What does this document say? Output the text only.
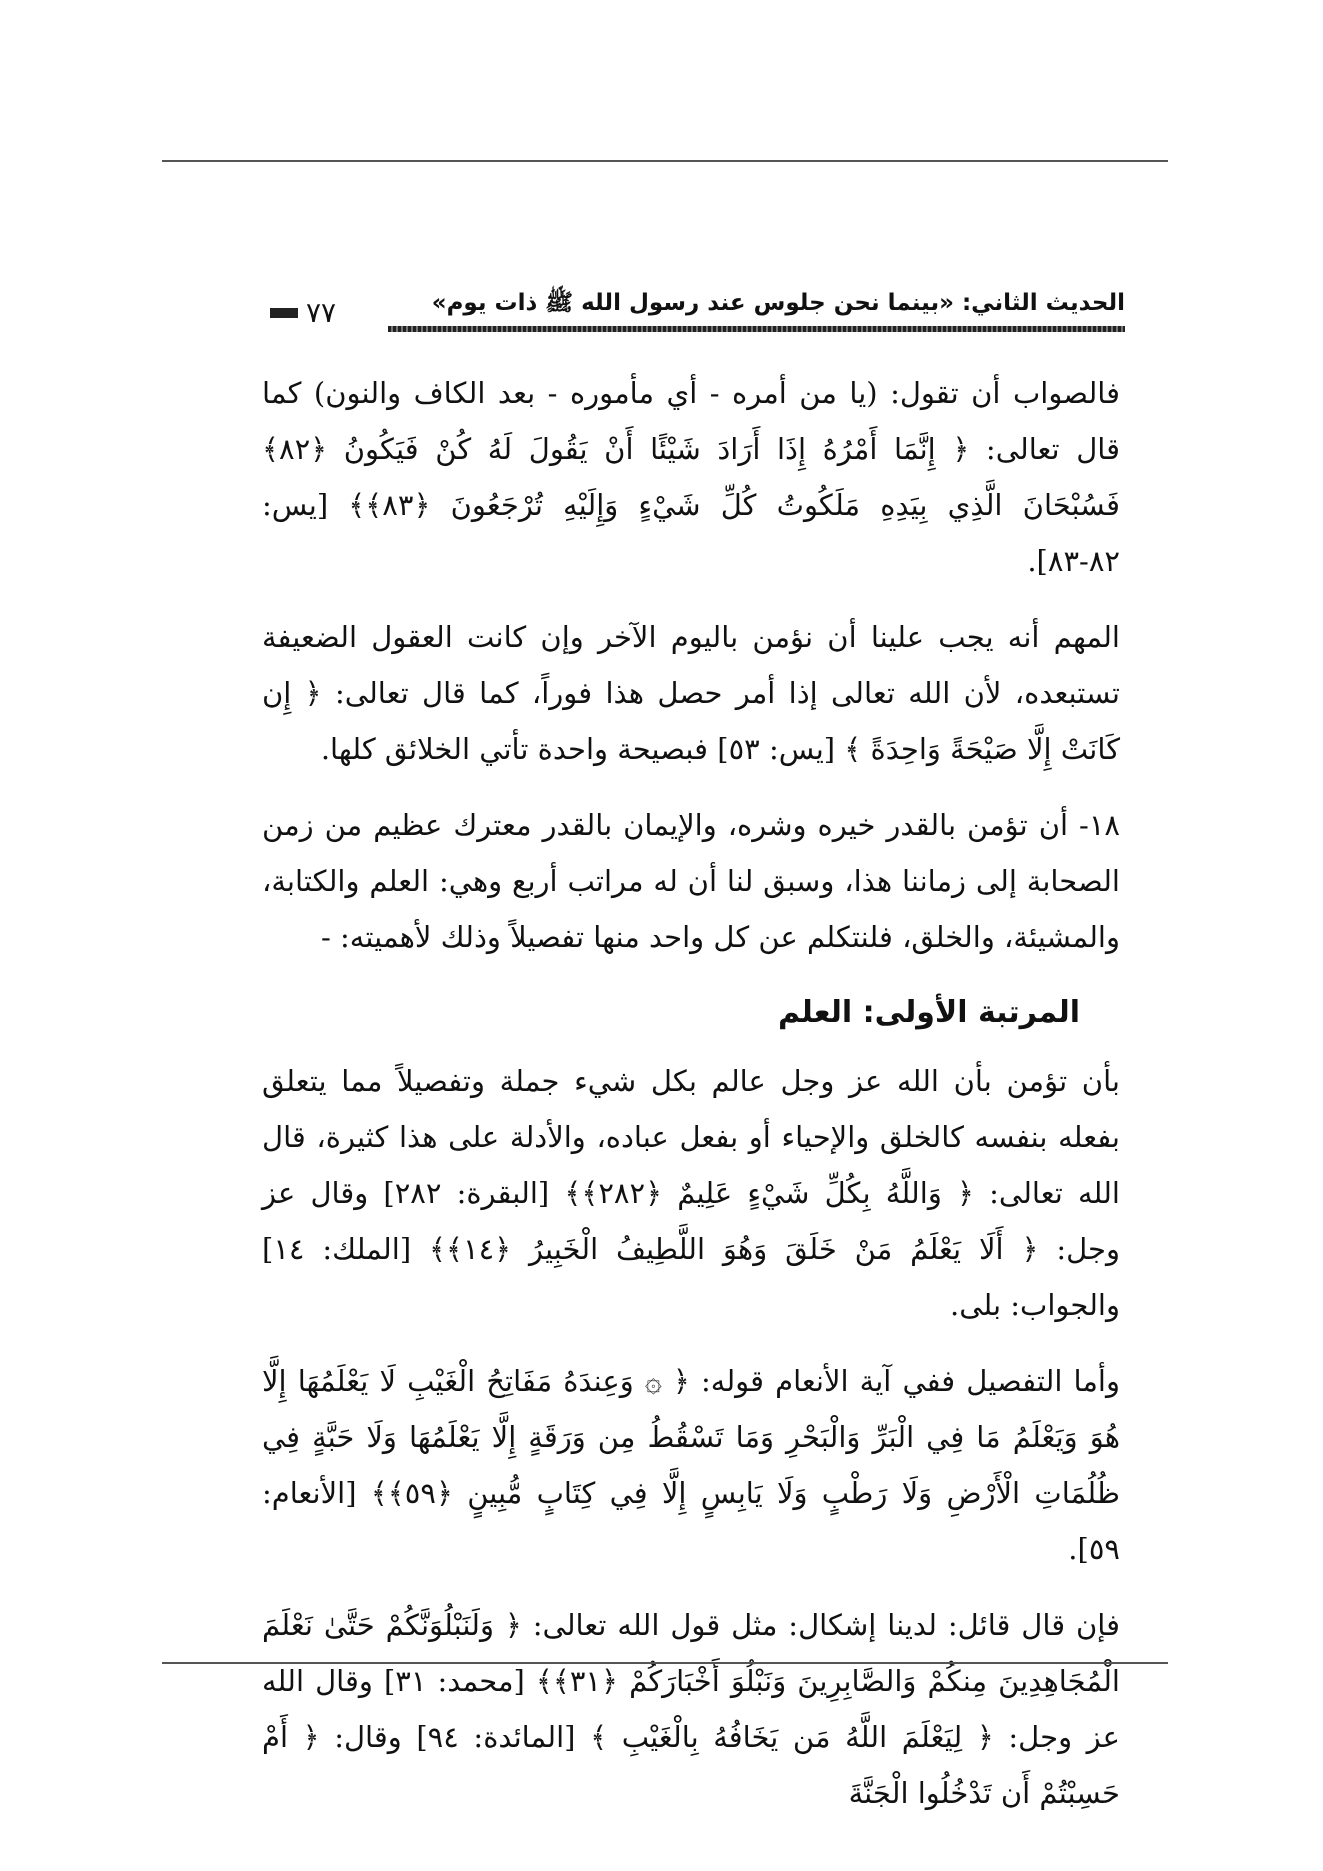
٧٧	الحديث الثاني: «بينما نحن جلوس عند رسول الله ﷺ ذات يوم»

فالصواب أن تقول: (يا من أمره - أي مأموره - بعد الكاف والنون) كما قال تعالى: ﴿ إِنَّمَا أَمْرُهُ إِذَا أَرَادَ شَيْئًا أَنْ يَقُولَ لَهُ كُنْ فَيَكُونُ ﴿٨٢﴾ فَسُبْحَانَ الَّذِي بِيَدِهِ مَلَكُوتُ كُلِّ شَيْءٍ وَإِلَيْهِ تُرْجَعُونَ ﴿٨٣﴾﴾ [يس: ٨٢-٨٣].

المهم أنه يجب علينا أن نؤمن باليوم الآخر وإن كانت العقول الضعيفة تستبعده، لأن الله تعالى إذا أمر حصل هذا فوراً، كما قال تعالى: ﴿ إِن كَانَتْ إِلَّا صَيْحَةً وَاحِدَةً ﴾ [يس: ٥٣] فبصيحة واحدة تأتي الخلائق كلها.

١٨- أن تؤمن بالقدر خيره وشره، والإيمان بالقدر معترك عظيم من زمن الصحابة إلى زماننا هذا، وسبق لنا أن له مراتب أربع وهي: العلم والكتابة، والمشيئة، والخلق، فلنتكلم عن كل واحد منها تفصيلاً وذلك لأهميته: -

المرتبة الأولى: العلم

بأن تؤمن بأن الله عز وجل عالم بكل شيء جملة وتفصيلاً مما يتعلق بفعله بنفسه كالخلق والإحياء أو بفعل عباده، والأدلة على هذا كثيرة، قال الله تعالى: ﴿ وَاللَّهُ بِكُلِّ شَيْءٍ عَلِيمٌ ﴿٢٨٢﴾﴾ [البقرة: ٢٨٢] وقال عز وجل: ﴿ أَلَا يَعْلَمُ مَنْ خَلَقَ وَهُوَ اللَّطِيفُ الْخَبِيرُ ﴿١٤﴾﴾ [الملك: ١٤] والجواب: بلى.

وأما التفصيل ففي آية الأنعام قوله: ﴿ ۞ وَعِندَهُ مَفَاتِحُ الْغَيْبِ لَا يَعْلَمُهَا إِلَّا هُوَ وَيَعْلَمُ مَا فِي الْبَرِّ وَالْبَحْرِ وَمَا تَسْقُطُ مِن وَرَقَةٍ إِلَّا يَعْلَمُهَا وَلَا حَبَّةٍ فِي ظُلُمَاتِ الْأَرْضِ وَلَا رَطْبٍ وَلَا يَابِسٍ إِلَّا فِي كِتَابٍ مُّبِينٍ ﴿٥٩﴾﴾ [الأنعام: ٥٩].

فإن قال قائل: لدينا إشكال: مثل قول الله تعالى: ﴿ وَلَنَبْلُوَنَّكُمْ حَتَّىٰ نَعْلَمَ الْمُجَاهِدِينَ مِنكُمْ وَالصَّابِرِينَ وَنَبْلُوَ أَخْبَارَكُمْ ﴿٣١﴾﴾ [محمد: ٣١] وقال الله عز وجل: ﴿ لِيَعْلَمَ اللَّهُ مَن يَخَافُهُ بِالْغَيْبِ ﴾ [المائدة: ٩٤] وقال: ﴿ أَمْ حَسِبْتُمْ أَن تَدْخُلُوا الْجَنَّةَ
